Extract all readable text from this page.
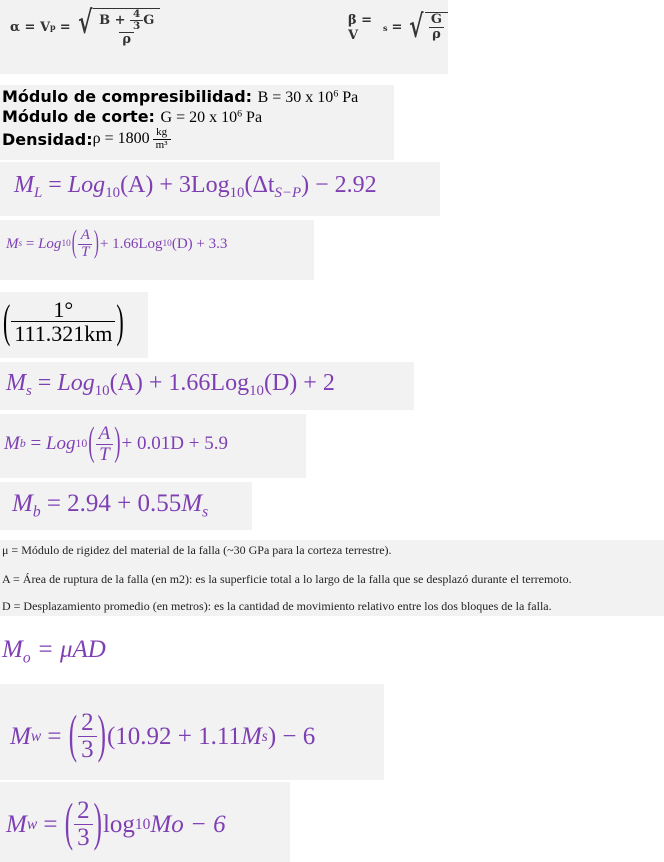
α = V p = √ $\frac{B + \frac{4}{3} G}{\rho}$	β = V	s = √ $\frac{G}{\rho}$
Módulo de compresibilidad: B = 30 x $10^6$ Pa
Módulo de corte: G = 20 x $10^6$ Pa
Densidad : $\rho = 1800 \frac{kg}{\text{m³}}$
$M_L = Log_{10}(A) + 3Log_{10}(\Delta t_{S-P}) - 2.92$
M s = Log 10 ( $\frac{A}{T}$ ) + 1.66Log 10 (D) + 3.3
( $\frac{1^\circ}{111.321km}$ )
$M_s = Log_{10}(A) + 1.66Log_{10}(D) + 2$
M b = Log 10 ( $\frac{A}{T}$ ) + 0.01D + 5.9
$M_b = 2.94 + 0.55M_s$
μ = Módulo de rigidez del material de la falla (~30 GPa para la corteza terrestre).
A = Área de ruptura de la falla (en m2): es la superficie total a lo largo de la falla que se desplazó durante el terremoto.
D = Desplazamiento promedio (en metros): es la cantidad de movimiento relativo entre los dos bloques de la falla.
$M_o = \mu AD$
M w = ( $\frac{2}{3}$ ) (10.92 + 1.11 M s ) − 6
M w = ( $\frac{2}{3}$ ) log 10 Mo − 6
